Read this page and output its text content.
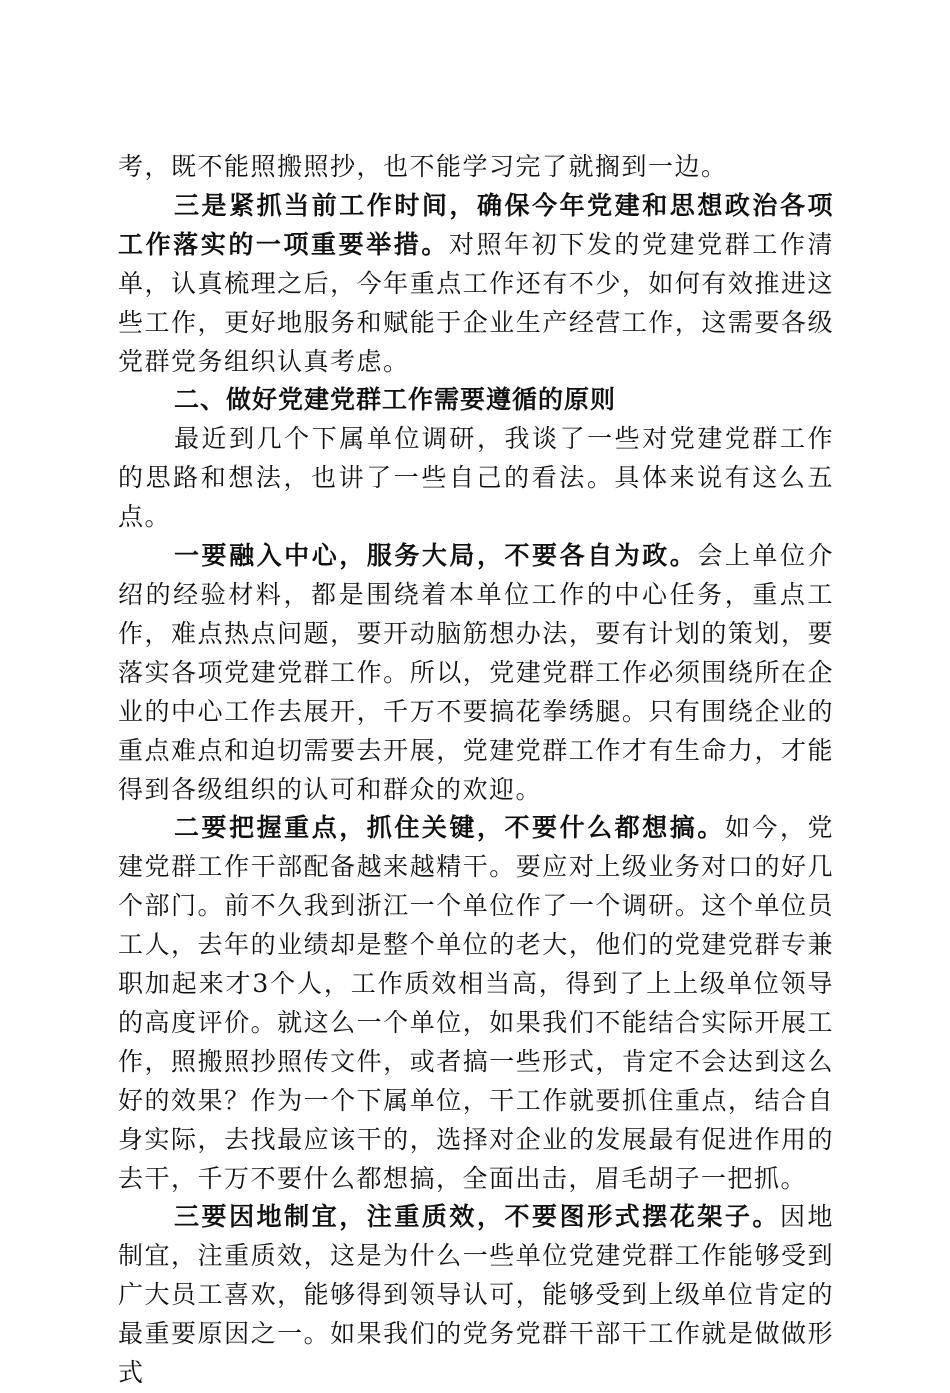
考，既不能照搬照抄，也不能学习完了就搁到一边。

三是紧抓当前工作时间，确保今年党建和思想政治各项工作落实的一项重要举措。对照年初下发的党建党群工作清单，认真梳理之后，今年重点工作还有不少，如何有效推进这些工作，更好地服务和赋能于企业生产经营工作，这需要各级党群党务组织认真考虑。

二、做好党建党群工作需要遵循的原则

最近到几个下属单位调研，我谈了一些对党建党群工作的思路和想法，也讲了一些自己的看法。具体来说有这么五点。

一要融入中心，服务大局，不要各自为政。会上单位介绍的经验材料，都是围绕着本单位工作的中心任务，重点工作，难点热点问题，要开动脑筋想办法，要有计划的策划，要落实各项党建党群工作。所以，党建党群工作必须围绕所在企业的中心工作去展开，千万不要搞花拳绣腿。只有围绕企业的重点难点和迫切需要去开展，党建党群工作才有生命力，才能得到各级组织的认可和群众的欢迎。

二要把握重点，抓住关键，不要什么都想搞。如今，党建党群工作干部配备越来越精干。要应对上级业务对口的好几个部门。前不久我到浙江一个单位作了一个调研。这个单位员工人，去年的业绩却是整个单位的老大，他们的党建党群专兼职加起来才3个人，工作质效相当高，得到了上上级单位领导的高度评价。就这么一个单位，如果我们不能结合实际开展工作，照搬照抄照传文件，或者搞一些形式，肯定不会达到这么好的效果？作为一个下属单位，干工作就要抓住重点，结合自身实际，去找最应该干的，选择对企业的发展最有促进作用的去干，千万不要什么都想搞，全面出击，眉毛胡子一把抓。

三要因地制宜，注重质效，不要图形式摆花架子。因地制宜，注重质效，这是为什么一些单位党建党群工作能够受到广大员工喜欢，能够得到领导认可，能够受到上级单位肯定的最重要原因之一。如果我们的党务党群干部干工作就是做做形式
